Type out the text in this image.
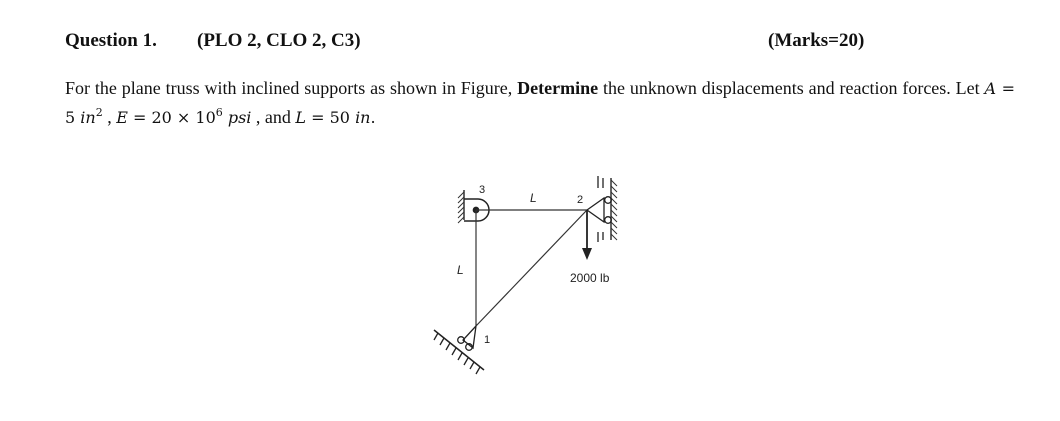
Question 1. (PLO 2, CLO 2, C3)	(Marks=20)
For the plane truss with inclined supports as shown in Figure, Determine the unknown displacements and reaction forces. Let A = 5 $in^2$ , $E = 20 \times 10^6$ psi , and L = 50 in.
3
2
1
L
L
2000 lb
